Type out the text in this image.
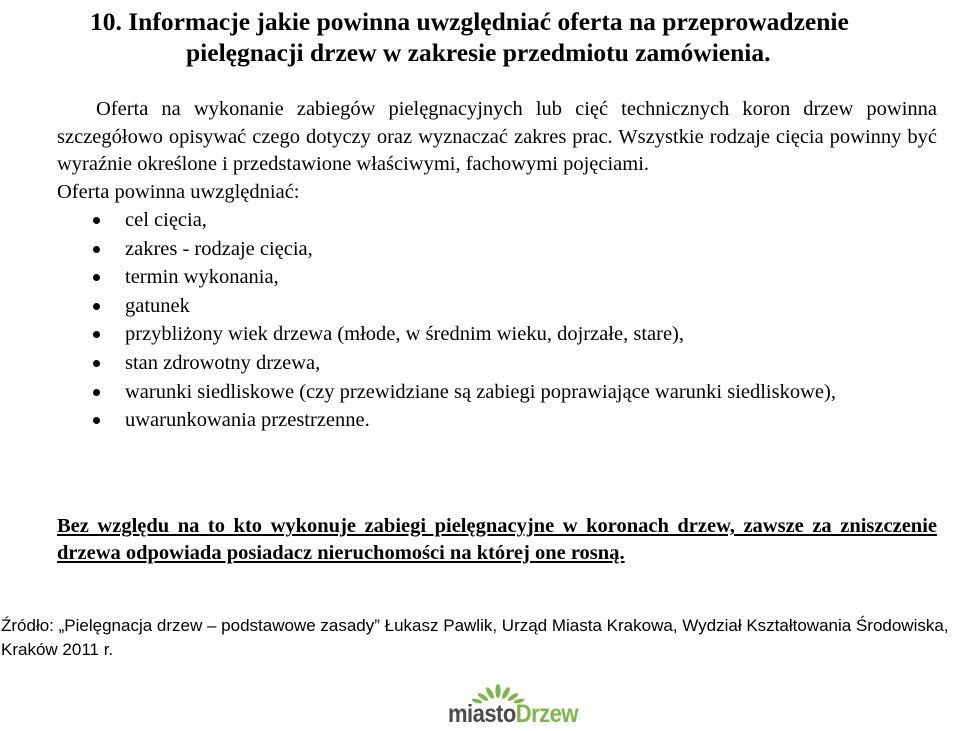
10. Informacje jakie powinna uwzględniać oferta na przeprowadzenie
pielęgnacji drzew w zakresie przedmiotu zamówienia.

Oferta na wykonanie zabiegów pielęgnacyjnych lub cięć technicznych koron drzew powinna szczegółowo opisywać czego dotyczy oraz wyznaczać zakres prac. Wszystkie rodzaje cięcia powinny być wyraźnie określone i przedstawione właściwymi, fachowymi pojęciami.

Oferta powinna uwzględniać:

cel cięcia,
zakres - rodzaje cięcia,
termin wykonania,
gatunek
przybliżony wiek drzewa (młode, w średnim wieku, dojrzałe, stare),
stan zdrowotny drzewa,
warunki siedliskowe (czy przewidziane są zabiegi poprawiające warunki siedliskowe),
uwarunkowania przestrzenne.

Bez względu na to kto wykonuje zabiegi pielęgnacyjne w koronach drzew, zawsze za zniszczenie drzewa odpowiada posiadacz nieruchomości na której one rosną.

Źródło: „Pielęgnacja drzew – podstawowe zasady” Łukasz Pawlik, Urząd Miasta Krakowa, Wydział Kształtowania Środowiska, Kraków 2011 r.
miastoDrzew
